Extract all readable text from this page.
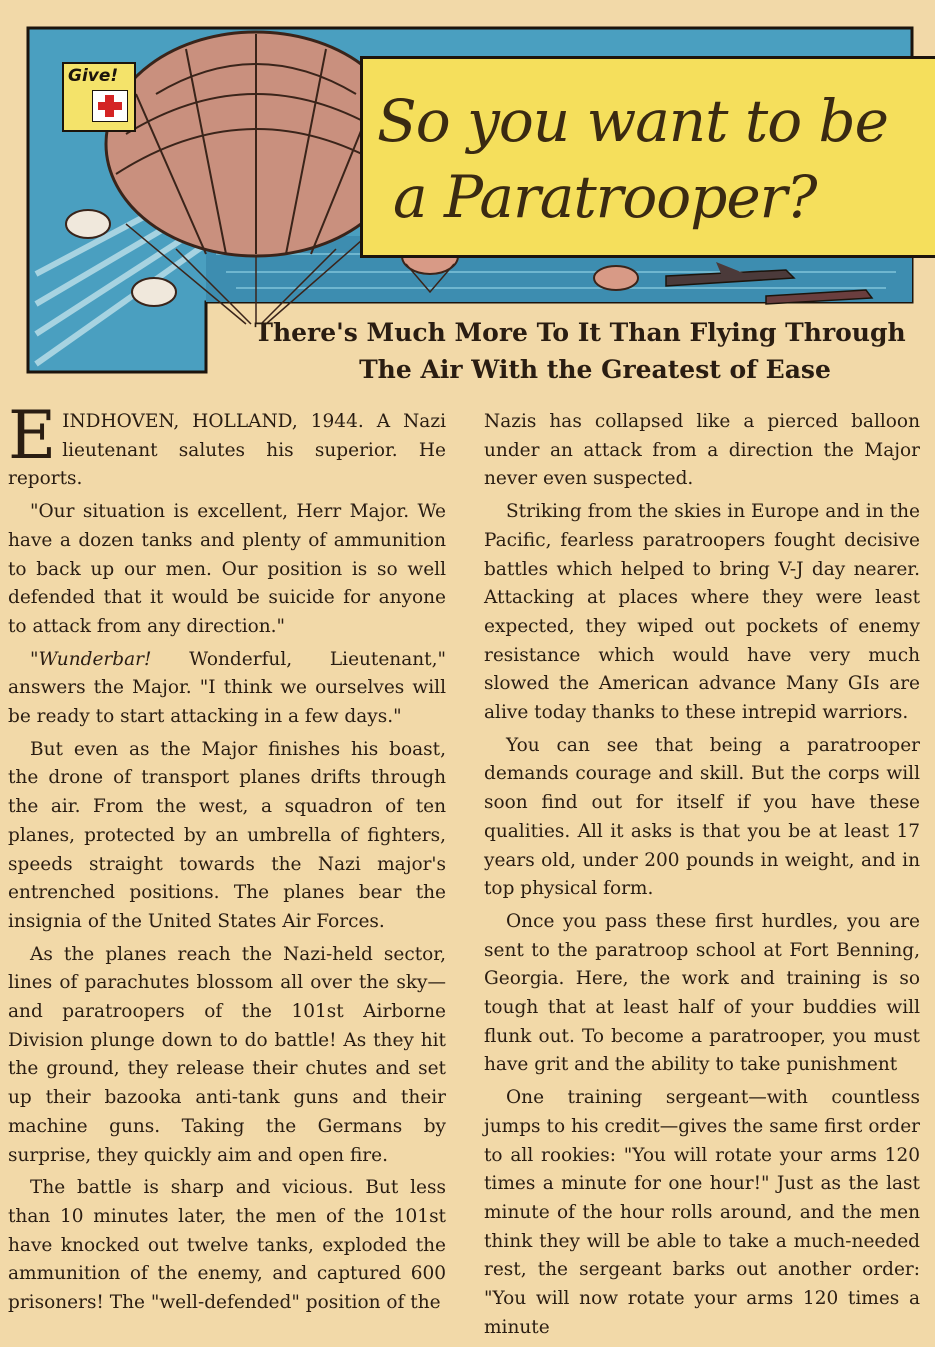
Give!
So you want to be
a Paratrooper?
There's Much More To It Than Flying Through
The Air With the Greatest of Ease

EINDHOVEN, HOLLAND, 1944. A Nazi lieutenant salutes his superior. He reports.

"Our situation is excellent, Herr Major. We have a dozen tanks and plenty of ammunition to back up our men. Our position is so well defended that it would be suicide for anyone to attack from any direction."

"Wunderbar! Wonderful, Lieutenant," answers the Major. "I think we ourselves will be ready to start attacking in a few days."

But even as the Major finishes his boast, the drone of transport planes drifts through the air. From the west, a squadron of ten planes, protected by an umbrella of fighters, speeds straight towards the Nazi major's entrenched positions. The planes bear the insignia of the United States Air Forces.

As the planes reach the Nazi-held sector, lines of parachutes blossom all over the sky—and paratroopers of the 101st Airborne Division plunge down to do battle! As they hit the ground, they release their chutes and set up their bazooka anti-tank guns and their machine guns. Taking the Germans by surprise, they quickly aim and open fire.

The battle is sharp and vicious. But less than 10 minutes later, the men of the 101st have knocked out twelve tanks, exploded the ammunition of the enemy, and captured 600 prisoners! The "well-defended" position of the

Nazis has collapsed like a pierced balloon under an attack from a direction the Major never even suspected.

Striking from the skies in Europe and in the Pacific, fearless paratroopers fought decisive battles which helped to bring V-J day nearer. Attacking at places where they were least expected, they wiped out pockets of enemy resistance which would have very much slowed the American advance Many GIs are alive today thanks to these intrepid warriors.

You can see that being a paratrooper demands courage and skill. But the corps will soon find out for itself if you have these qualities. All it asks is that you be at least 17 years old, under 200 pounds in weight, and in top physical form.

Once you pass these first hurdles, you are sent to the paratroop school at Fort Benning, Georgia. Here, the work and training is so tough that at least half of your buddies will flunk out. To become a paratrooper, you must have grit and the ability to take punishment

One training sergeant—with countless jumps to his credit—gives the same first order to all rookies: "You will rotate your arms 120 times a minute for one hour!" Just as the last minute of the hour rolls around, and the men think they will be able to take a much-needed rest, the sergeant barks out another order: "You will now rotate your arms 120 times a minute
